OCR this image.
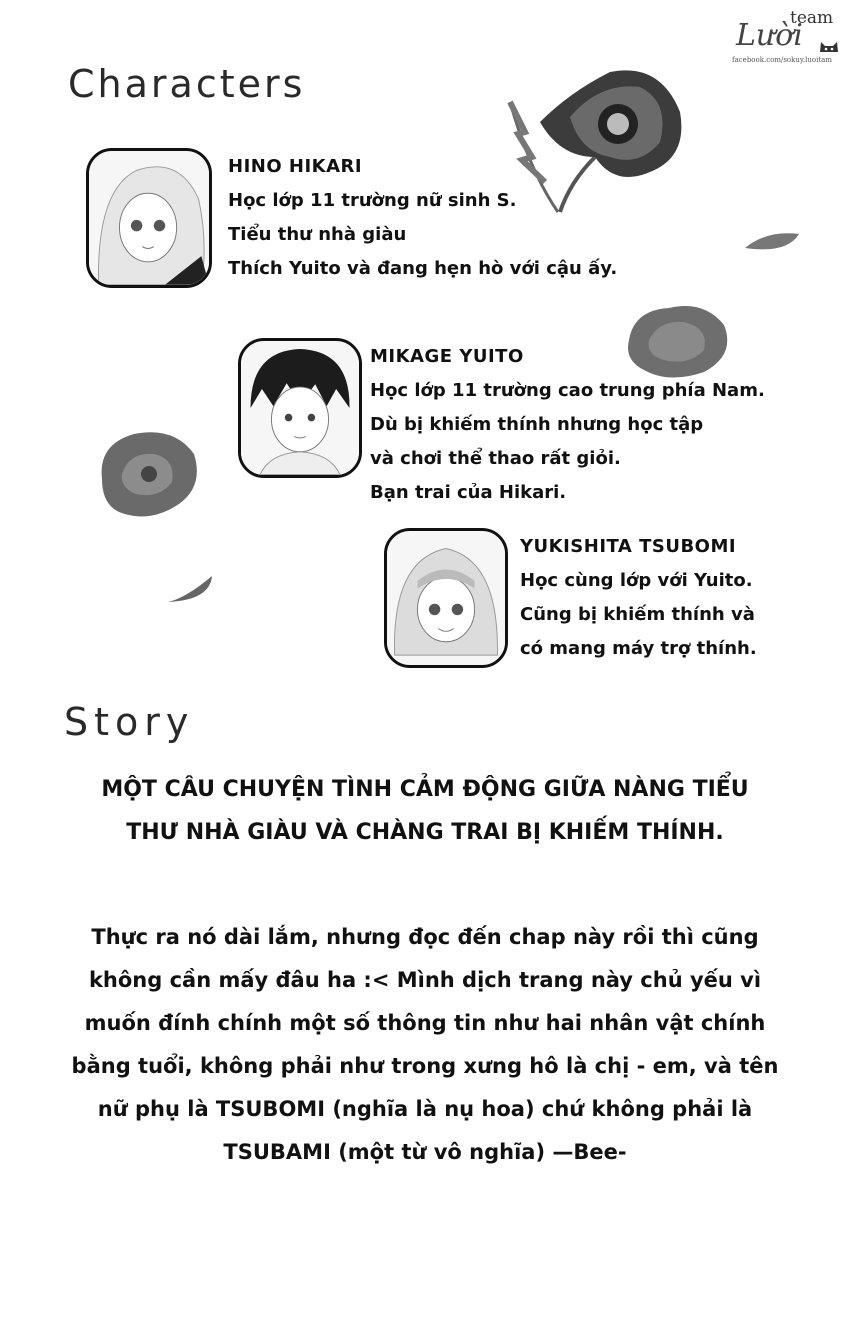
Lười
team
facebook.com/sokuy.luoitam
Characters
HINO HIKARI
Học lớp 11 trường nữ sinh S.
Tiểu thư nhà giàu
Thích Yuito và đang hẹn hò với cậu ấy.
MIKAGE YUITO
Học lớp 11 trường cao trung phía Nam.
Dù bị khiếm thính nhưng học tập
và chơi thể thao rất giỏi.
Bạn trai của Hikari.
YUKISHITA TSUBOMI
Học cùng lớp với Yuito.
Cũng bị khiếm thính và
có mang máy trợ thính.
Story
MỘT CÂU CHUYỆN TÌNH CẢM ĐỘNG GIỮA NÀNG TIỂU
THƯ NHÀ GIÀU VÀ CHÀNG TRAI BỊ KHIẾM THÍNH.
Thực ra nó dài lắm, nhưng đọc đến chap này rồi thì cũng
không cần mấy đâu ha :< Mình dịch trang này chủ yếu vì
muốn đính chính một số thông tin như hai nhân vật chính
bằng tuổi, không phải như trong xưng hô là chị - em, và tên
nữ phụ là TSUBOMI (nghĩa là nụ hoa) chứ không phải là
TSUBAMI (một từ vô nghĩa) —Bee-
